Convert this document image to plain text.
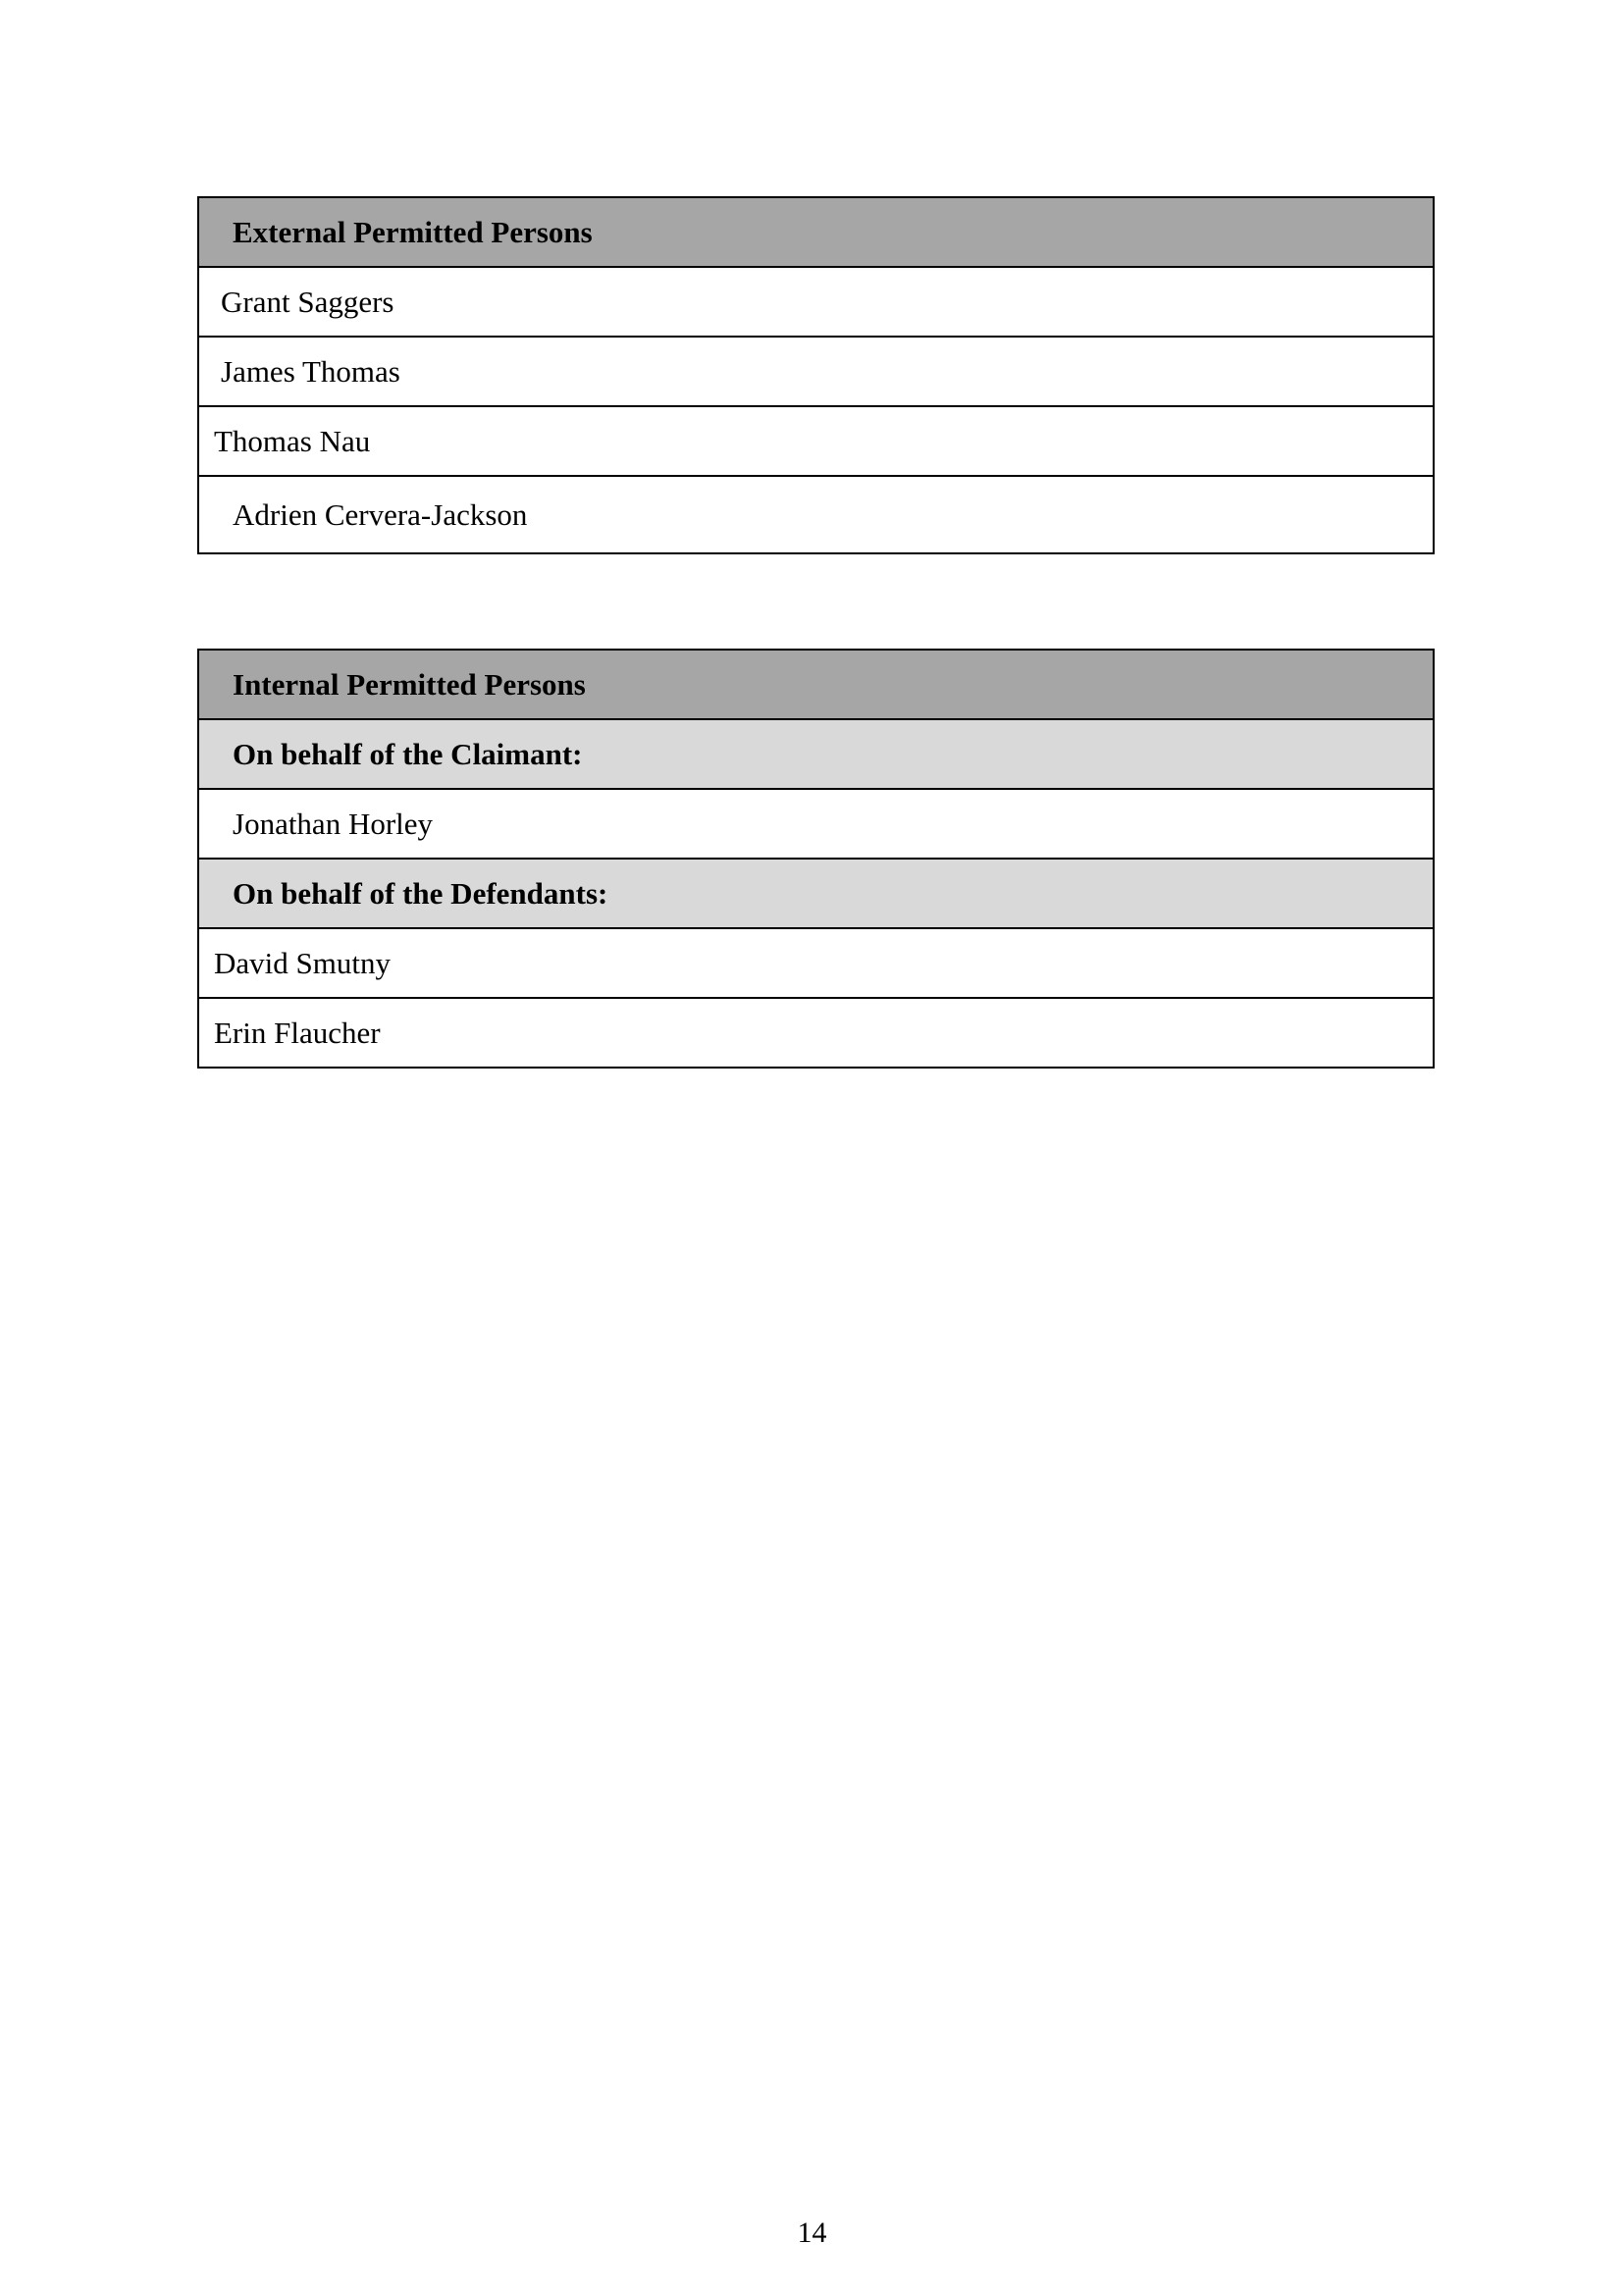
External Permitted Persons
Grant Saggers
James Thomas
Thomas Nau
Adrien Cervera-Jackson
Internal Permitted Persons
On behalf of the Claimant:
Jonathan Horley
On behalf of the Defendants:
David Smutny
Erin Flaucher
14
